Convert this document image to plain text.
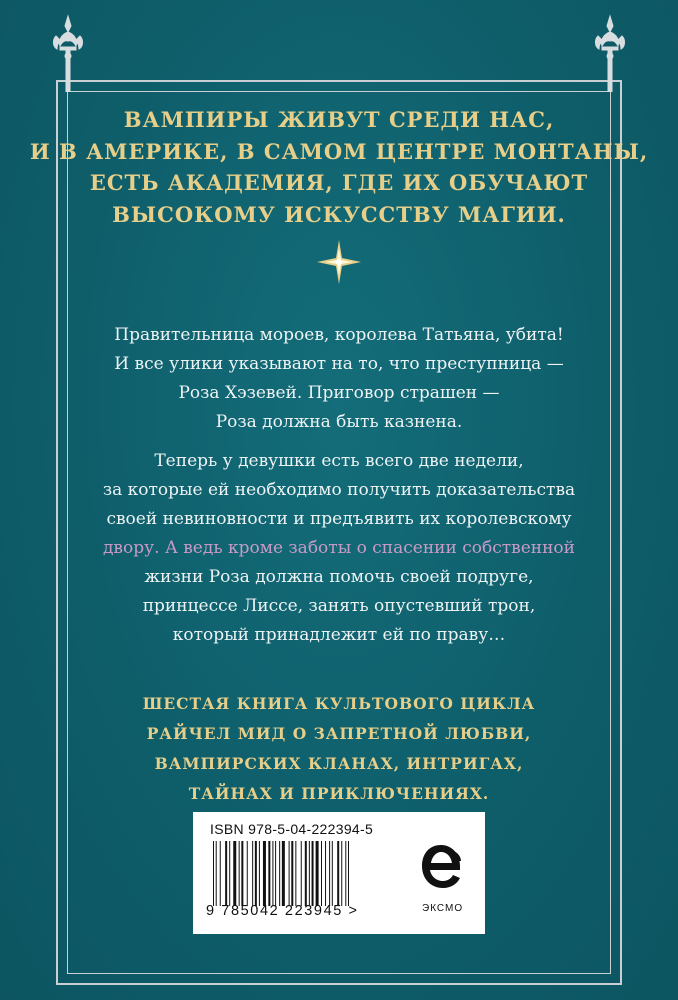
ВАМПИРЫ ЖИВУТ СРЕДИ НАС,
И В АМЕРИКЕ, В САМОМ ЦЕНТРЕ МОНТАНЫ,
ЕСТЬ АКАДЕМИЯ, ГДЕ ИХ ОБУЧАЮТ
ВЫСОКОМУ ИСКУССТВУ МАГИИ.
Правительница мороев, королева Татьяна, убита!
И все улики указывают на то, что преступница —
Роза Хэзевей. Приговор страшен —
Роза должна быть казнена.
Теперь у девушки есть всего две недели,
за которые ей необходимо получить доказательства
своей невиновности и предъявить их королевскому
двору. А ведь кроме заботы о спасении собственной
жизни Роза должна помочь своей подруге,
принцессе Лиссе, занять опустевший трон,
который принадлежит ей по праву…
ШЕСТАЯ КНИГА КУЛЬТОВОГО ЦИКЛА
РАЙЧЕЛ МИД О ЗАПРЕТНОЙ ЛЮБВИ,
ВАМПИРСКИХ КЛАНАХ, ИНТРИГАХ,
ТАЙНАХ И ПРИКЛЮЧЕНИЯХ.
ISBN 978-5-04-222394-5
9 785042 223945 >	ЭКСМО
